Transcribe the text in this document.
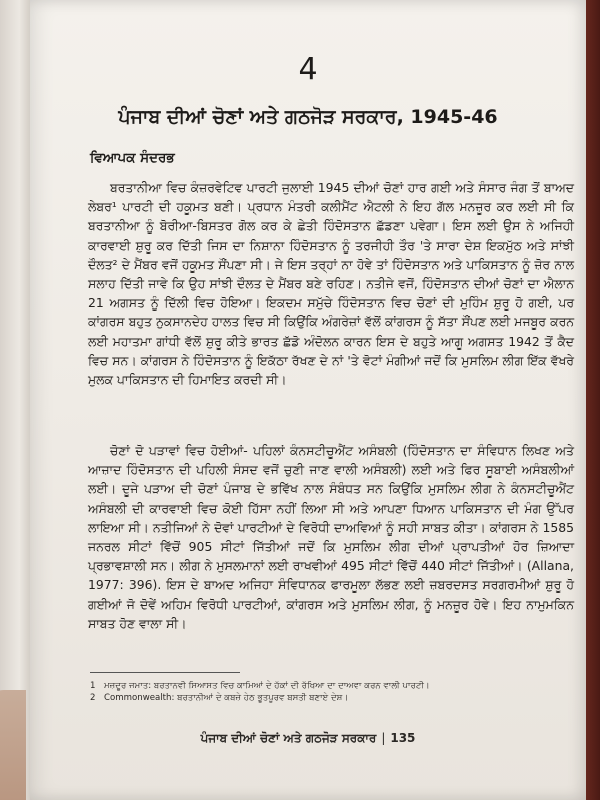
4
ਪੰਜਾਬ ਦੀਆਂ ਚੋਣਾਂ ਅਤੇ ਗਠਜੋੜ ਸਰਕਾਰ, 1945-46
ਵਿਆਪਕ ਸੰਦਰਭ

ਬਰਤਾਨੀਆ ਵਿਚ ਕੰਜ਼ਰਵੇਟਿਵ ਪਾਰਟੀ ਜੁਲਾਈ 1945 ਦੀਆਂ ਚੋਣਾਂ ਹਾਰ ਗਈ ਅਤੇ ਸੰਸਾਰ ਜੰਗ ਤੋਂ ਬਾਅਦ ਲੇਬਰ¹ ਪਾਰਟੀ ਦੀ ਹਕੂਮਤ ਬਣੀ। ਪ੍ਰਧਾਨ ਮੰਤਰੀ ਕਲੀਮੈਂਟ ਐਟਲੀ ਨੇ ਇਹ ਗੱਲ ਮਨਜ਼ੂਰ ਕਰ ਲਈ ਸੀ ਕਿ ਬਰਤਾਨੀਆ ਨੂੰ ਬੋਰੀਆ-ਬਿਸਤਰ ਗੋਲ ਕਰ ਕੇ ਛੇਤੀ ਹਿੰਦੋਸਤਾਨ ਛੱਡਣਾ ਪਵੇਗਾ। ਇਸ ਲਈ ਉਸ ਨੇ ਅਜਿਹੀ ਕਾਰਵਾਈ ਸ਼ੁਰੂ ਕਰ ਦਿੱਤੀ ਜਿਸ ਦਾ ਨਿਸ਼ਾਨਾ ਹਿੰਦੋਸਤਾਨ ਨੂੰ ਤਰਜੀਹੀ ਤੌਰ 'ਤੇ ਸਾਰਾ ਦੇਸ਼ ਇਕਮੁੱਠ ਅਤੇ ਸਾਂਝੀ ਦੌਲਤ² ਦੇ ਮੈਂਬਰ ਵਜੋਂ ਹਕੂਮਤ ਸੌਂਪਣਾ ਸੀ। ਜੇ ਇਸ ਤਰ੍ਹਾਂ ਨਾ ਹੋਵੇ ਤਾਂ ਹਿੰਦੋਸਤਾਨ ਅਤੇ ਪਾਕਿਸਤਾਨ ਨੂੰ ਜ਼ੋਰ ਨਾਲ ਸਲਾਹ ਦਿੱਤੀ ਜਾਵੇ ਕਿ ਉਹ ਸਾਂਝੀ ਦੌਲਤ ਦੇ ਮੈਂਬਰ ਬਣੇ ਰਹਿਣ। ਨਤੀਜੇ ਵਜੋਂ, ਹਿੰਦੋਸਤਾਨ ਦੀਆਂ ਚੋਣਾਂ ਦਾ ਐਲਾਨ 21 ਅਗਸਤ ਨੂੰ ਦਿੱਲੀ ਵਿਚ ਹੋਇਆ। ਇਕਦਮ ਸਮੁੱਚੇ ਹਿੰਦੋਸਤਾਨ ਵਿਚ ਚੋਣਾਂ ਦੀ ਮੁਹਿੰਮ ਸ਼ੁਰੂ ਹੋ ਗਈ, ਪਰ ਕਾਂਗਰਸ ਬਹੁਤ ਨੁਕਸਾਨਦੇਹ ਹਾਲਤ ਵਿਚ ਸੀ ਕਿਉਂਕਿ ਅੰਗਰੇਜ਼ਾਂ ਵੱਲੋਂ ਕਾਂਗਰਸ ਨੂੰ ਸੱਤਾ ਸੌਂਪਣ ਲਈ ਮਜਬੂਰ ਕਰਨ ਲਈ ਮਹਾਤਮਾ ਗਾਂਧੀ ਵੱਲੋਂ ਸ਼ੁਰੂ ਕੀਤੇ ਭਾਰਤ ਛੱਡੋ ਅੰਦੋਲਨ ਕਾਰਨ ਇਸ ਦੇ ਬਹੁਤੇ ਆਗੂ ਅਗਸਤ 1942 ਤੋਂ ਕੈਦ ਵਿਚ ਸਨ। ਕਾਂਗਰਸ ਨੇ ਹਿੰਦੋਸਤਾਨ ਨੂੰ ਇਕੱਠਾ ਰੱਖਣ ਦੇ ਨਾਂ 'ਤੇ ਵੋਟਾਂ ਮੰਗੀਆਂ ਜਦੋਂ ਕਿ ਮੁਸਲਿਮ ਲੀਗ ਇੱਕ ਵੱਖਰੇ ਮੁਲਕ ਪਾਕਿਸਤਾਨ ਦੀ ਹਿਮਾਇਤ ਕਰਦੀ ਸੀ।

ਚੋਣਾਂ ਦੋ ਪੜਾਵਾਂ ਵਿਚ ਹੋਈਆਂ- ਪਹਿਲਾਂ ਕੰਨਸਟੀਚੂਐਂਟ ਅਸੰਬਲੀ (ਹਿੰਦੋਸਤਾਨ ਦਾ ਸੰਵਿਧਾਨ ਲਿਖਣ ਅਤੇ ਆਜ਼ਾਦ ਹਿੰਦੋਸਤਾਨ ਦੀ ਪਹਿਲੀ ਸੰਸਦ ਵਜੋਂ ਚੁਣੀ ਜਾਣ ਵਾਲੀ ਅਸੰਬਲੀ) ਲਈ ਅਤੇ ਫਿਰ ਸੂਬਾਈ ਅਸੰਬਲੀਆਂ ਲਈ। ਦੂਜੇ ਪੜਾਅ ਦੀ ਚੋਣਾਂ ਪੰਜਾਬ ਦੇ ਭਵਿੱਖ ਨਾਲ ਸੰਬੰਧਤ ਸਨ ਕਿਉਂਕਿ ਮੁਸਲਿਮ ਲੀਗ ਨੇ ਕੰਨਸਟੀਚੂਐਂਟ ਅਸੰਬਲੀ ਦੀ ਕਾਰਵਾਈ ਵਿਚ ਕੋਈ ਹਿੱਸਾ ਨਹੀਂ ਲਿਆ ਸੀ ਅਤੇ ਆਪਣਾ ਧਿਆਨ ਪਾਕਿਸਤਾਨ ਦੀ ਮੰਗ ਉੱਪਰ ਲਾਇਆ ਸੀ। ਨਤੀਜਿਆਂ ਨੇ ਦੋਵਾਂ ਪਾਰਟੀਆਂ ਦੇ ਵਿਰੋਧੀ ਦਾਅਵਿਆਂ ਨੂੰ ਸਹੀ ਸਾਬਤ ਕੀਤਾ। ਕਾਂਗਰਸ ਨੇ 1585 ਜਨਰਲ ਸੀਟਾਂ ਵਿੱਚੋਂ 905 ਸੀਟਾਂ ਜਿੱਤੀਆਂ ਜਦੋਂ ਕਿ ਮੁਸਲਿਮ ਲੀਗ ਦੀਆਂ ਪ੍ਰਾਪਤੀਆਂ ਹੋਰ ਜ਼ਿਆਦਾ ਪ੍ਰਭਾਵਸ਼ਾਲੀ ਸਨ। ਲੀਗ ਨੇ ਮੁਸਲਮਾਨਾਂ ਲਈ ਰਾਖਵੀਆਂ 495 ਸੀਟਾਂ ਵਿੱਚੋਂ 440 ਸੀਟਾਂ ਜਿੱਤੀਆਂ। (Allana, 1977: 396). ਇਸ ਦੇ ਬਾਅਦ ਅਜਿਹਾ ਸੰਵਿਧਾਨਕ ਫਾਰਮੂਲਾ ਲੱਭਣ ਲਈ ਜ਼ਬਰਦਸਤ ਸਰਗਰਮੀਆਂ ਸ਼ੁਰੂ ਹੋ ਗਈਆਂ ਜੋ ਦੋਵੇਂ ਅਹਿਮ ਵਿਰੋਧੀ ਪਾਰਟੀਆਂ, ਕਾਂਗਰਸ ਅਤੇ ਮੁਸਲਿਮ ਲੀਗ, ਨੂੰ ਮਨਜ਼ੂਰ ਹੋਵੇ। ਇਹ ਨਾਮੁਮਕਿਨ ਸਾਬਤ ਹੋਣ ਵਾਲਾ ਸੀ।

1 ਮਜ਼ਦੂਰ ਜਮਾਤ: ਬਰਤਾਨਵੀ ਸਿਆਸਤ ਵਿਚ ਕਾਮਿਆਂ ਦੇ ਹੱਕਾਂ ਦੀ ਰੱਖਿਆ ਦਾ ਦਾਅਵਾ ਕਰਨ ਵਾਲੀ ਪਾਰਟੀ।
2 Commonwealth: ਬਰਤਾਨੀਆਂ ਦੇ ਕਬਜ਼ੇ ਹੇਠ ਭੂਤਪੂਰਵ ਬਸਤੀ ਬਣਾਏ ਦੇਸ਼।
ਪੰਜਾਬ ਦੀਆਂ ਚੋਣਾਂ ਅਤੇ ਗਠਜੋੜ ਸਰਕਾਰ | 135
